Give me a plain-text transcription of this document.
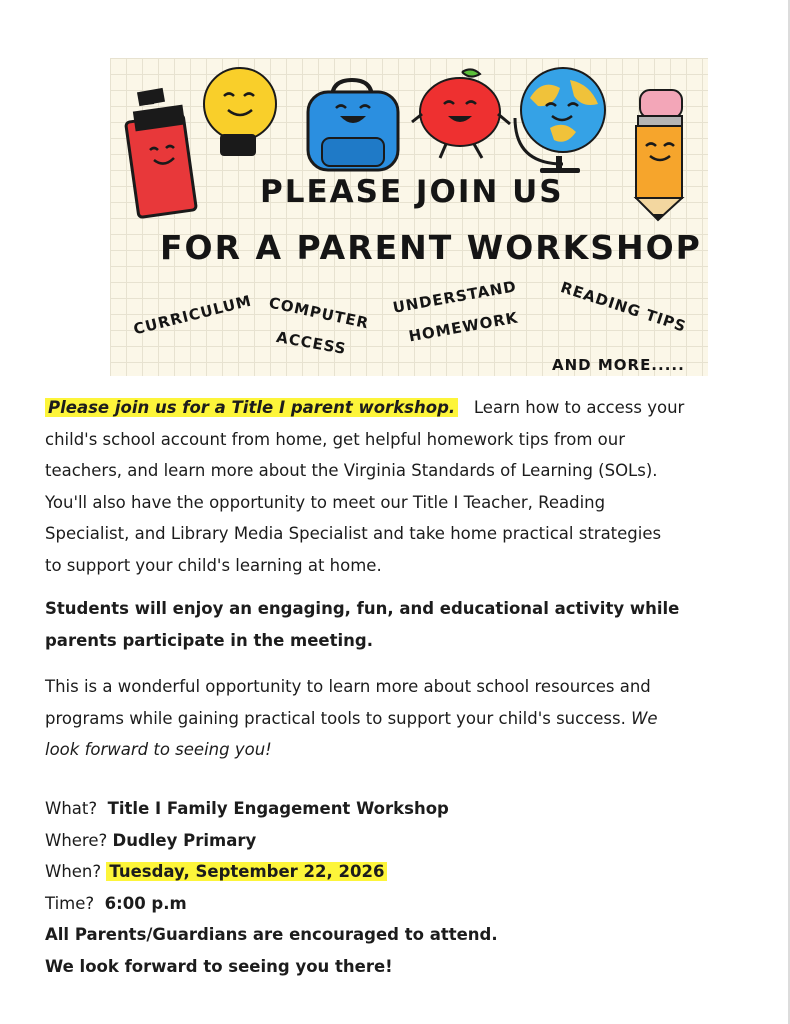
PLEASE JOIN US
FOR A PARENT WORKSHOP
CURRICULUM COMPUTER
ACCESS
UNDERSTAND
HOMEWORK	READING TIPS
AND MORE.....
Please join us for a Title I parent workshop. Learn how to access your
child's school account from home, get helpful homework tips from our
teachers, and learn more about the Virginia Standards of Learning (SOLs).
You'll also have the opportunity to meet our Title I Teacher, Reading
Specialist, and Library Media Specialist and take home practical strategies
to support your child's learning at home.
Students will enjoy an engaging, fun, and educational activity while
parents participate in the meeting.
This is a wonderful opportunity to learn more about school resources and
programs while gaining practical tools to support your child's success. We
look forward to seeing you!
What? Title I Family Engagement Workshop
Where? Dudley Primary
When? Tuesday, September 22, 2026
Time? 6:00 p.m
All Parents/Guardians are encouraged to attend.
We look forward to seeing you there!
